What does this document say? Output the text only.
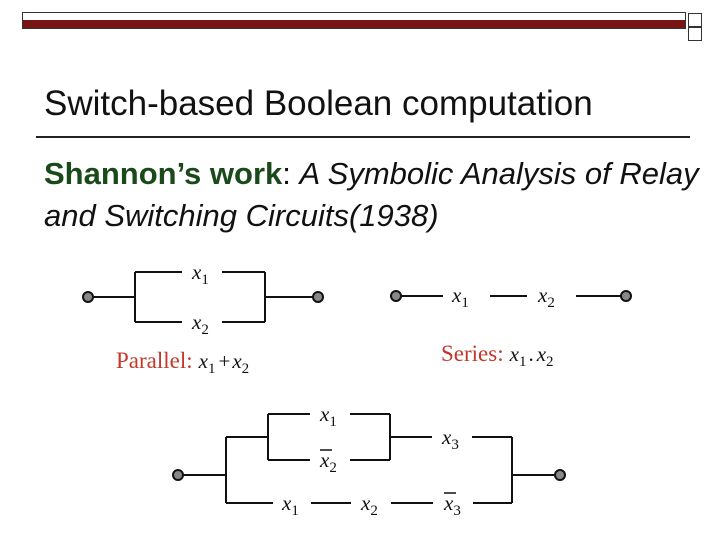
Switch-based Boolean computation
Shannon’s work: A Symbolic Analysis of Relay and Switching Circuits(1938)
x1
x2
Parallel: x1 +x2
x1	x2
Series: x1. x2
x1
x2
x3
x1	x2	x3
